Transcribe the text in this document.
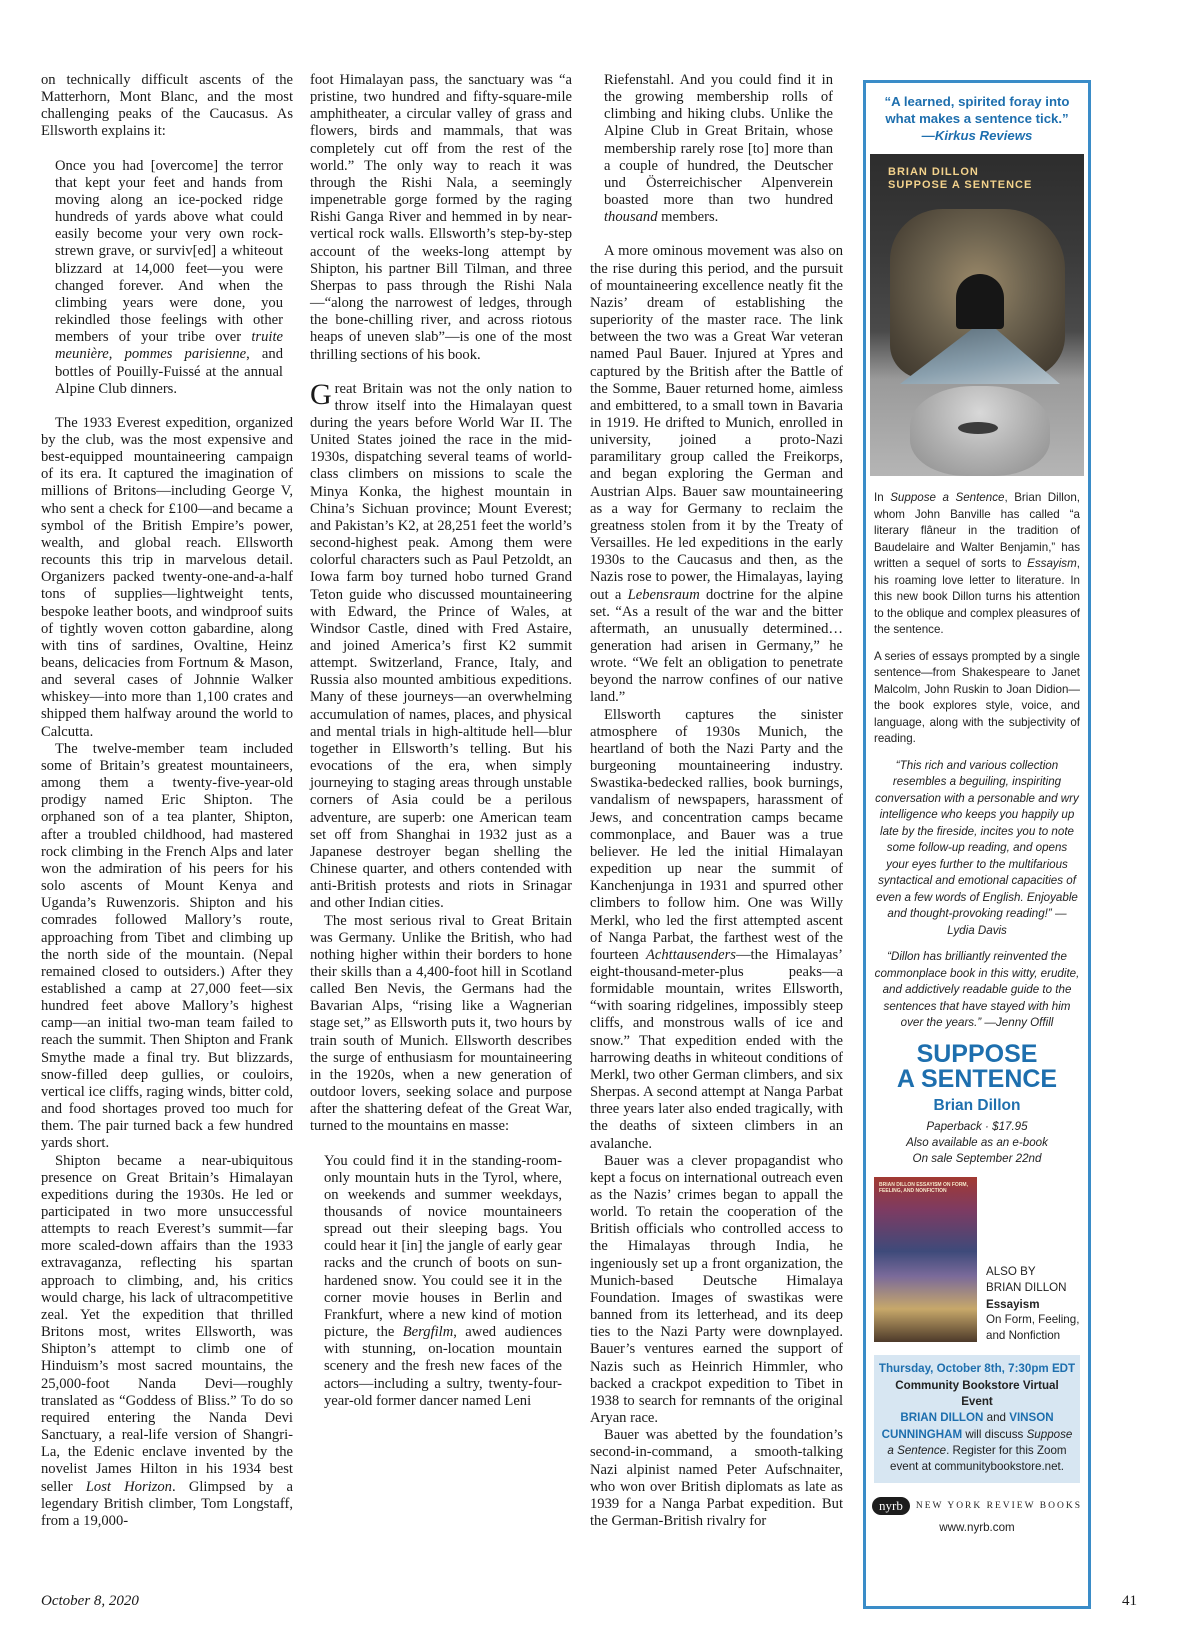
on technically difficult ascents of the Matterhorn, Mont Blanc, and the most challenging peaks of the Caucasus. As Ellsworth explains it:

Once you had [overcome] the terror that kept your feet and hands from moving along an ice-pocked ridge hundreds of yards above what could easily become your very own rock-strewn grave, or surviv[ed] a whiteout blizzard at 14,000 feet—you were changed forever. And when the climbing years were done, you rekindled those feelings with other members of your tribe over truite meunière, pommes parisienne, and bottles of Pouilly-Fuissé at the annual Alpine Club dinners.

The 1933 Everest expedition, organized by the club, was the most expensive and best-equipped mountaineering campaign of its era. It captured the imagination of millions of Britons—including George V, who sent a check for £100—and became a symbol of the British Empire’s power, wealth, and global reach. Ellsworth recounts this trip in marvelous detail. Organizers packed twenty-one-and-a-half tons of supplies—lightweight tents, bespoke leather boots, and windproof suits of tightly woven cotton gabardine, along with tins of sardines, Ovaltine, Heinz beans, delicacies from Fortnum & Mason, and several cases of Johnnie Walker whiskey—into more than 1,100 crates and shipped them halfway around the world to Calcutta.

The twelve-member team included some of Britain’s greatest mountaineers, among them a twenty-five-year-old prodigy named Eric Shipton. The orphaned son of a tea planter, Shipton, after a troubled childhood, had mastered rock climbing in the French Alps and later won the admiration of his peers for his solo ascents of Mount Kenya and Uganda’s Ruwenzoris. Shipton and his comrades followed Mallory’s route, approaching from Tibet and climbing up the north side of the mountain. (Nepal remained closed to outsiders.) After they established a camp at 27,000 feet—six hundred feet above Mallory’s highest camp—an initial two-man team failed to reach the summit. Then Shipton and Frank Smythe made a final try. But blizzards, snow-filled deep gullies, or couloirs, vertical ice cliffs, raging winds, bitter cold, and food shortages proved too much for them. The pair turned back a few hundred yards short.

Shipton became a near-ubiquitous presence on Great Britain’s Himalayan expeditions during the 1930s. He led or participated in two more unsuccessful attempts to reach Everest’s summit—far more scaled-down affairs than the 1933 extravaganza, reflecting his spartan approach to climbing, and, his critics would charge, his lack of ultracompetitive zeal. Yet the expedition that thrilled Britons most, writes Ellsworth, was Shipton’s attempt to climb one of Hinduism’s most sacred mountains, the 25,000-foot Nanda Devi—roughly translated as “Goddess of Bliss.” To do so required entering the Nanda Devi Sanctuary, a real-life version of Shangri-La, the Edenic enclave invented by the novelist James Hilton in his 1934 best seller Lost Horizon. Glimpsed by a legendary British climber, Tom Longstaff, from a 19,000-

foot Himalayan pass, the sanctuary was “a pristine, two hundred and fifty-square-mile amphitheater, a circular valley of grass and flowers, birds and mammals, that was completely cut off from the rest of the world.” The only way to reach it was through the Rishi Nala, a seemingly impenetrable gorge formed by the raging Rishi Ganga River and hemmed in by near-vertical rock walls. Ellsworth’s step-by-step account of the weeks-long attempt by Shipton, his partner Bill Tilman, and three Sherpas to pass through the Rishi Nala—“along the narrowest of ledges, through the bone-chilling river, and across riotous heaps of uneven slab”—is one of the most thrilling sections of his book.

Great Britain was not the only nation to throw itself into the Himalayan quest during the years before World War II. The United States joined the race in the mid-1930s, dispatching several teams of world-class climbers on missions to scale the Minya Konka, the highest mountain in China’s Sichuan province; Mount Everest; and Pakistan’s K2, at 28,251 feet the world’s second-highest peak. Among them were colorful characters such as Paul Petzoldt, an Iowa farm boy turned hobo turned Grand Teton guide who discussed mountaineering with Edward, the Prince of Wales, at Windsor Castle, dined with Fred Astaire, and joined America’s first K2 summit attempt. Switzerland, France, Italy, and Russia also mounted ambitious expeditions. Many of these journeys—an overwhelming accumulation of names, places, and physical and mental trials in high-altitude hell—blur together in Ellsworth’s telling. But his evocations of the era, when simply journeying to staging areas through unstable corners of Asia could be a perilous adventure, are superb: one American team set off from Shanghai in 1932 just as a Japanese destroyer began shelling the Chinese quarter, and others contended with anti-British protests and riots in Srinagar and other Indian cities.

The most serious rival to Great Britain was Germany. Unlike the British, who had nothing higher within their borders to hone their skills than a 4,400-foot hill in Scotland called Ben Nevis, the Germans had the Bavarian Alps, “rising like a Wagnerian stage set,” as Ellsworth puts it, two hours by train south of Munich. Ellsworth describes the surge of enthusiasm for mountaineering in the 1920s, when a new generation of outdoor lovers, seeking solace and purpose after the shattering defeat of the Great War, turned to the mountains en masse:

You could find it in the standing-room-only mountain huts in the Tyrol, where, on weekends and summer weekdays, thousands of novice mountaineers spread out their sleeping bags. You could hear it [in] the jangle of early gear racks and the crunch of boots on sun-hardened snow. You could see it in the corner movie houses in Berlin and Frankfurt, where a new kind of motion picture, the Bergfilm, awed audiences with stunning, on-location mountain scenery and the fresh new faces of the actors—including a sultry, twenty-four-year-old former dancer named Leni

Riefenstahl. And you could find it in the growing membership rolls of climbing and hiking clubs. Unlike the Alpine Club in Great Britain, whose membership rarely rose [to] more than a couple of hundred, the Deutscher und Österreichischer Alpenverein boasted more than two hundred thousand members.

A more ominous movement was also on the rise during this period, and the pursuit of mountaineering excellence neatly fit the Nazis’ dream of establishing the superiority of the master race. The link between the two was a Great War veteran named Paul Bauer. Injured at Ypres and captured by the British after the Battle of the Somme, Bauer returned home, aimless and embittered, to a small town in Bavaria in 1919. He drifted to Munich, enrolled in university, joined a proto-Nazi paramilitary group called the Freikorps, and began exploring the German and Austrian Alps. Bauer saw mountaineering as a way for Germany to reclaim the greatness stolen from it by the Treaty of Versailles. He led expeditions in the early 1930s to the Caucasus and then, as the Nazis rose to power, the Himalayas, laying out a Lebensraum doctrine for the alpine set. “As a result of the war and the bitter aftermath, an unusually determined…generation had arisen in Germany,” he wrote. “We felt an obligation to penetrate beyond the narrow confines of our native land.”

Ellsworth captures the sinister atmosphere of 1930s Munich, the heartland of both the Nazi Party and the burgeoning mountaineering industry. Swastika-bedecked rallies, book burnings, vandalism of newspapers, harassment of Jews, and concentration camps became commonplace, and Bauer was a true believer. He led the initial Himalayan expedition up near the summit of Kanchenjunga in 1931 and spurred other climbers to follow him. One was Willy Merkl, who led the first attempted ascent of Nanga Parbat, the farthest west of the fourteen Achttausenders—the Himalayas’ eight-thousand-meter-plus peaks—a formidable mountain, writes Ellsworth, “with soaring ridgelines, impossibly steep cliffs, and monstrous walls of ice and snow.” That expedition ended with the harrowing deaths in whiteout conditions of Merkl, two other German climbers, and six Sherpas. A second attempt at Nanga Parbat three years later also ended tragically, with the deaths of sixteen climbers in an avalanche.

Bauer was a clever propagandist who kept a focus on international outreach even as the Nazis’ crimes began to appall the world. To retain the cooperation of the British officials who controlled access to the Himalayas through India, he ingeniously set up a front organization, the Munich-based Deutsche Himalaya Foundation. Images of swastikas were banned from its letterhead, and its deep ties to the Nazi Party were downplayed. Bauer’s ventures earned the support of Nazis such as Heinrich Himmler, who backed a crackpot expedition to Tibet in 1938 to search for remnants of the original Aryan race.

Bauer was abetted by the foundation’s second-in-command, a smooth-talking Nazi alpinist named Peter Aufschnaiter, who won over British diplomats as late as 1939 for a Nanga Parbat expedition. But the German-British rivalry for

“A learned, spirited foray into what makes a sentence tick.”
—Kirkus Reviews
BRIAN DILLON
SUPPOSE A SENTENCE
In Suppose a Sentence, Brian Dillon, whom John Banville has called “a literary flâneur in the tradition of Baudelaire and Walter Benjamin,” has written a sequel of sorts to Essayism, his roaming love letter to literature. In this new book Dillon turns his attention to the oblique and complex pleasures of the sentence.
A series of essays prompted by a single sentence—from Shakespeare to Janet Malcolm, John Ruskin to Joan Didion—the book explores style, voice, and language, along with the subjectivity of reading.
“This rich and various collection resembles a beguiling, inspiriting conversation with a personable and wry intelligence who keeps you happily up late by the fireside, incites you to note some follow-up reading, and opens your eyes further to the multifarious syntactical and emotional capacities of even a few words of English. Enjoyable and thought-provoking reading!” —Lydia Davis
“Dillon has brilliantly reinvented the commonplace book in this witty, erudite, and addictively readable guide to the sentences that have stayed with him over the years.” —Jenny Offill
SUPPOSE
A SENTENCE
Brian Dillon
Paperback · $17.95
Also available as an e-book
On sale September 22nd
BRIAN DILLON ESSAYISM ON FORM, FEELING, AND NONFICTION
ALSO BY
BRIAN DILLON
Essayism
On Form, Feeling,
and Nonfiction
Thursday, October 8th, 7:30pm EDT
Community Bookstore Virtual Event
BRIAN DILLON and VINSON CUNNINGHAM will discuss Suppose a Sentence. Register for this Zoom event at communitybookstore.net.
nyrb	NEW YORK REVIEW BOOKS
www.nyrb.com
October 8, 2020	41
